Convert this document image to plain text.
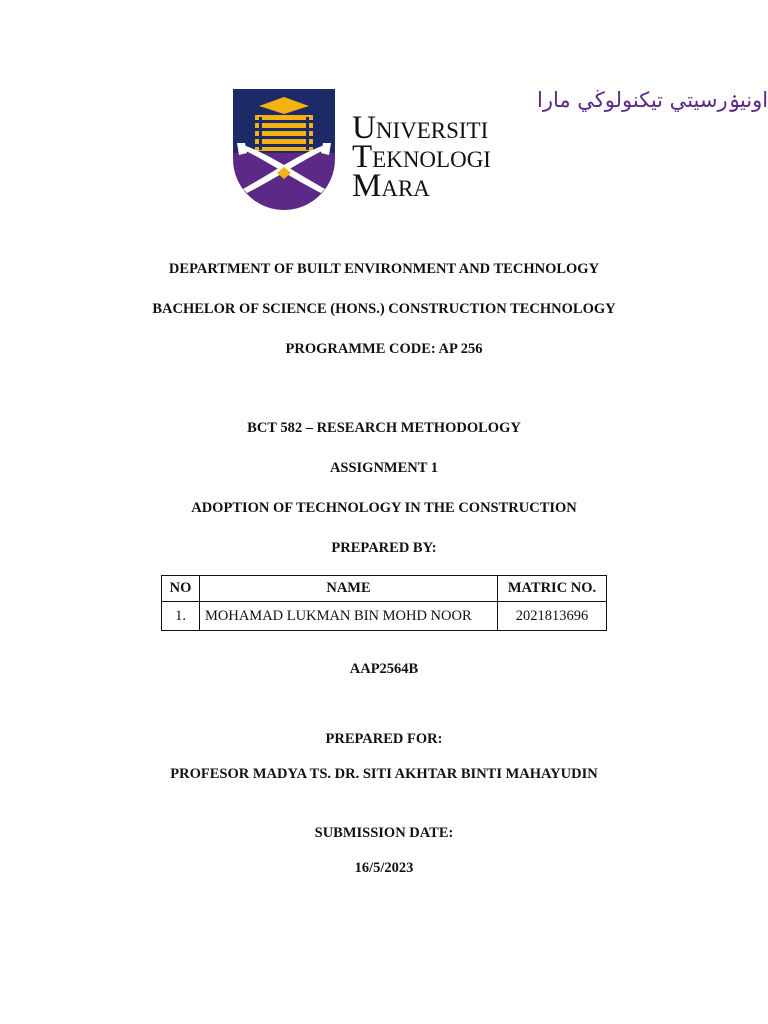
اونيۏرسيتي تيكنولوڬي مارا
Universiti
Teknologi
Mara
DEPARTMENT OF BUILT ENVIRONMENT AND TECHNOLOGY
BACHELOR OF SCIENCE (HONS.) CONSTRUCTION TECHNOLOGY
PROGRAMME CODE: AP 256
BCT 582 – RESEARCH METHODOLOGY
ASSIGNMENT 1
ADOPTION OF TECHNOLOGY IN THE CONSTRUCTION
PREPARED BY:
NO	NAME	MATRIC NO.
1.	MOHAMAD LUKMAN BIN MOHD NOOR	2021813696
AAP2564B
PREPARED FOR:
PROFESOR MADYA TS. DR. SITI AKHTAR BINTI MAHAYUDIN
SUBMISSION DATE:
16/5/2023
